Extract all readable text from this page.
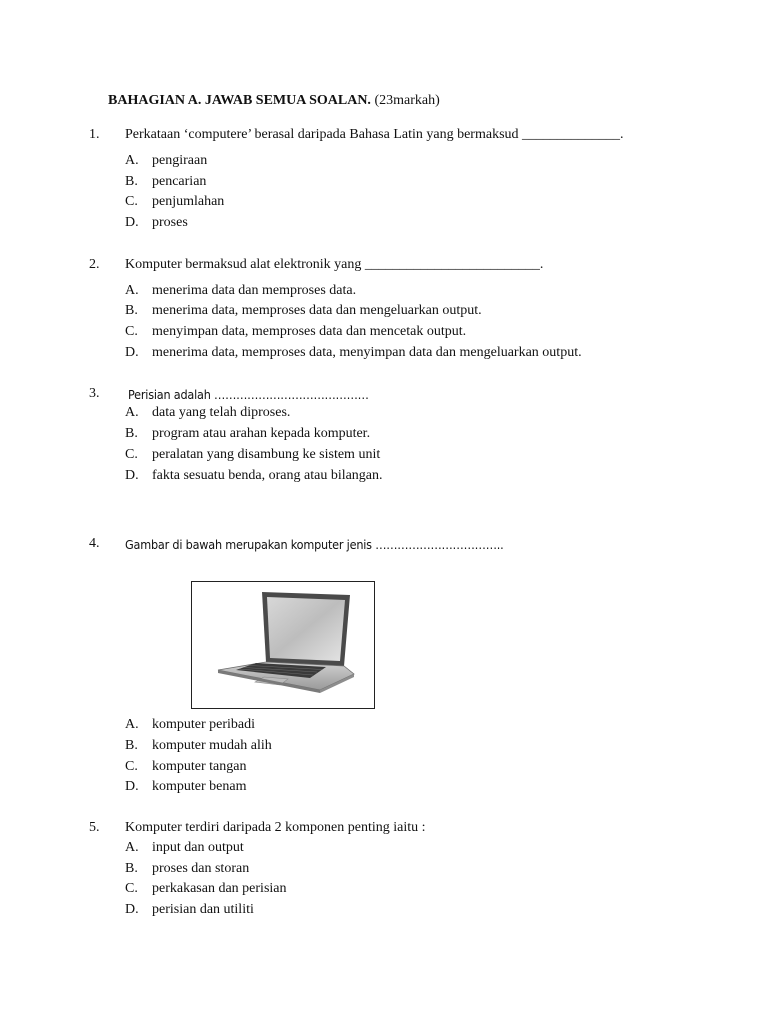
BAHAGIAN A. JAWAB SEMUA SOALAN. (23markah)
1. Perkataan ‘computere’ berasal daripada Bahasa Latin yang bermaksud ______________.
A. pengiraan
B. pencarian
C. penjumlahan
D. proses
2. Komputer bermaksud alat elektronik yang _________________________.
A. menerima data dan memproses data.
B. menerima data, memproses data dan mengeluarkan output.
C. menyimpan data, memproses data dan mencetak output.
D. menerima data, memproses data, menyimpan data dan mengeluarkan output.
3. Perisian adalah ……………………………………
A. data yang telah diproses.
B. program atau arahan kepada komputer.
C. peralatan yang disambung ke sistem unit
D. fakta sesuatu benda, orang atau bilangan.
4. Gambar di bawah merupakan komputer jenis ……………………………..
A. komputer peribadi
B. komputer mudah alih
C. komputer tangan
D. komputer benam
5. Komputer terdiri daripada 2 komponen penting iaitu :
A. input dan output
B. proses dan storan
C. perkakasan dan perisian
D. perisian dan utiliti
